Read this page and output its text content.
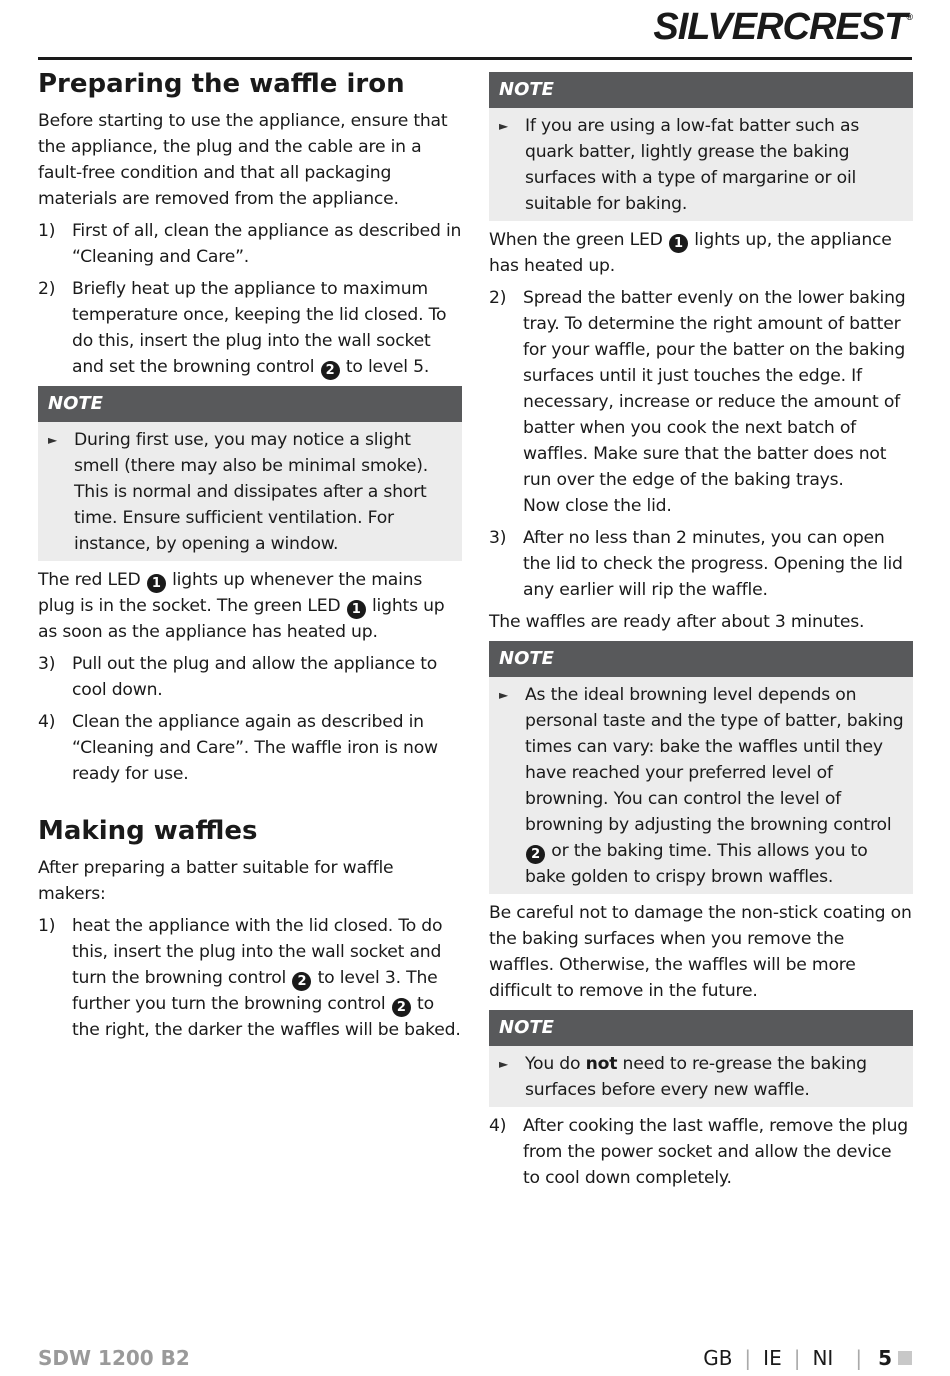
SILVERCREST®
Preparing the waffle iron

Before starting to use the appliance, ensure that the appliance, the plug and the cable are in a fault-free condition and that all packaging materials are removed from the appliance.

1) First of all, clean the appliance as described in “Cleaning and Care”.
2) Briefly heat up the appliance to maximum temperature once, keeping the lid closed. To do this, insert the plug into the wall socket and set the browning control 2 to level 5.
NOTE
► During first use, you may notice a slight smell (there may also be minimal smoke). This is normal and dissipates after a short time. Ensure sufficient ventilation. For instance, by opening a window.

The red LED 1 lights up whenever the mains plug is in the socket. The green LED 1 lights up as soon as the appliance has heated up.

3) Pull out the plug and allow the appliance to cool down.
4) Clean the appliance again as described in “Cleaning and Care”. The waffle iron is now ready for use.
Making waffles

After preparing a batter suitable for waffle makers:

1) heat the appliance with the lid closed. To do this, insert the plug into the wall socket and turn the browning control 2 to level 3. The further you turn the browning control 2 to the right, the darker the waffles will be baked.
NOTE
► If you are using a low-fat batter such as quark batter, lightly grease the baking surfaces with a type of margarine or oil suitable for baking.

When the green LED 1 lights up, the appliance has heated up.

2) Spread the batter evenly on the lower baking tray. To determine the right amount of batter for your waffle, pour the batter on the baking surfaces until it just touches the edge. If necessary, increase or reduce the amount of batter when you cook the next batch of waffles. Make sure that the batter does not run over the edge of the baking trays.
Now close the lid.
3) After no less than 2 minutes, you can open the lid to check the progress. Opening the lid any earlier will rip the waffle.

The waffles are ready after about 3 minutes.

NOTE
► As the ideal browning level depends on personal taste and the type of batter, baking times can vary: bake the waffles until they have reached your preferred level of browning. You can control the level of browning by adjusting the browning control 2 or the baking time. This allows you to bake golden to crispy brown waffles.

Be careful not to damage the non-stick coating on the baking surfaces when you remove the waffles. Otherwise, the waffles will be more difficult to remove in the future.

NOTE
► You do not need to re-grease the baking surfaces before every new waffle.
4) After cooking the last waffle, remove the plug from the power socket and allow the device to cool down completely.
SDW 1200 B2	GB | IE | NI | 5
